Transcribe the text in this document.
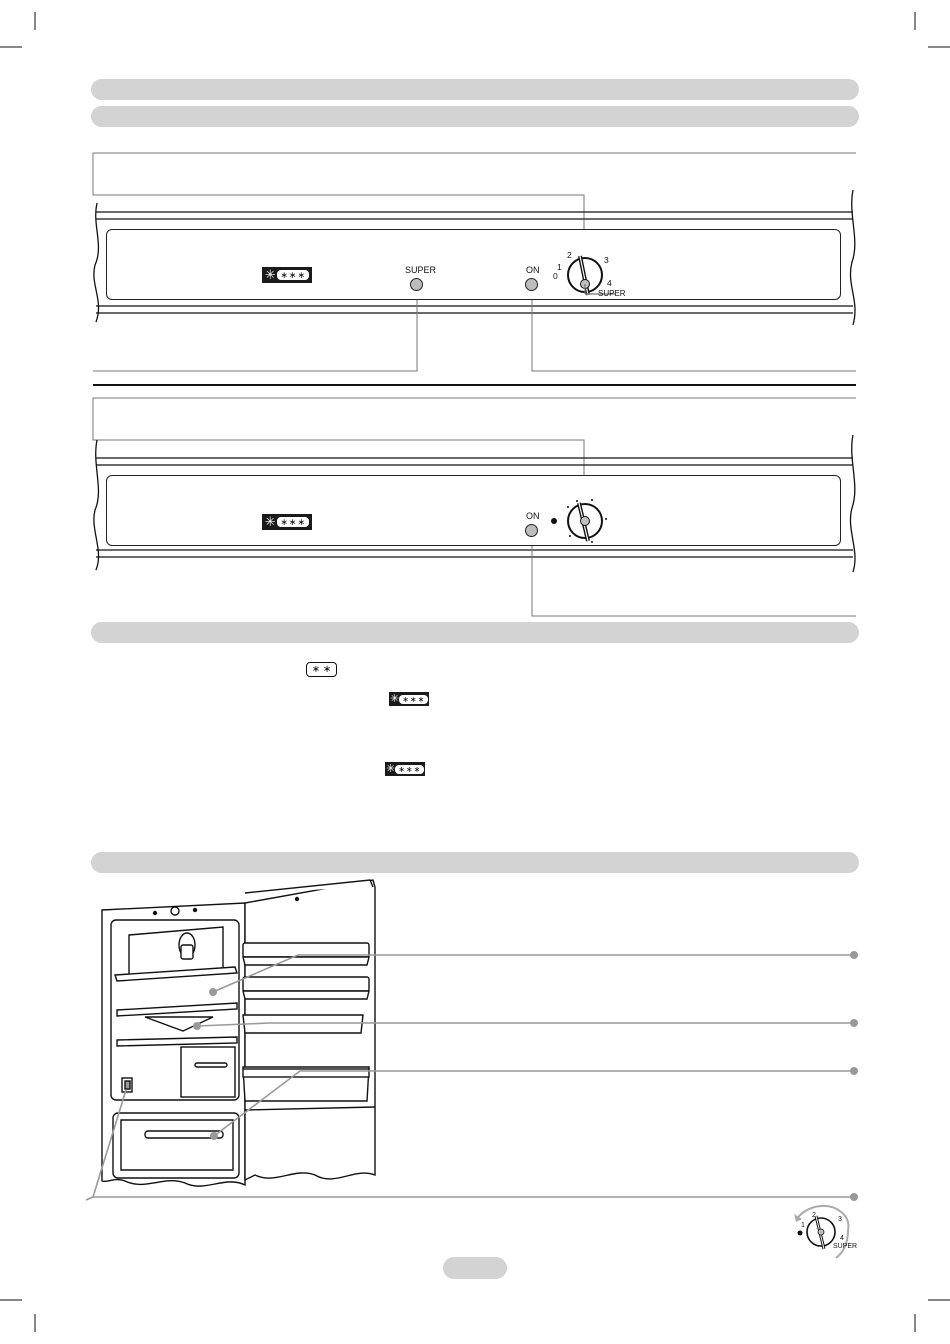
✳ ∗∗∗	SUPER	ON 1
0
2	3
4
SUPER
✳ ∗∗∗
ON
∗ ∗
✳ ∗∗∗
✳ ∗∗∗
1
2
3
4
SUPER
